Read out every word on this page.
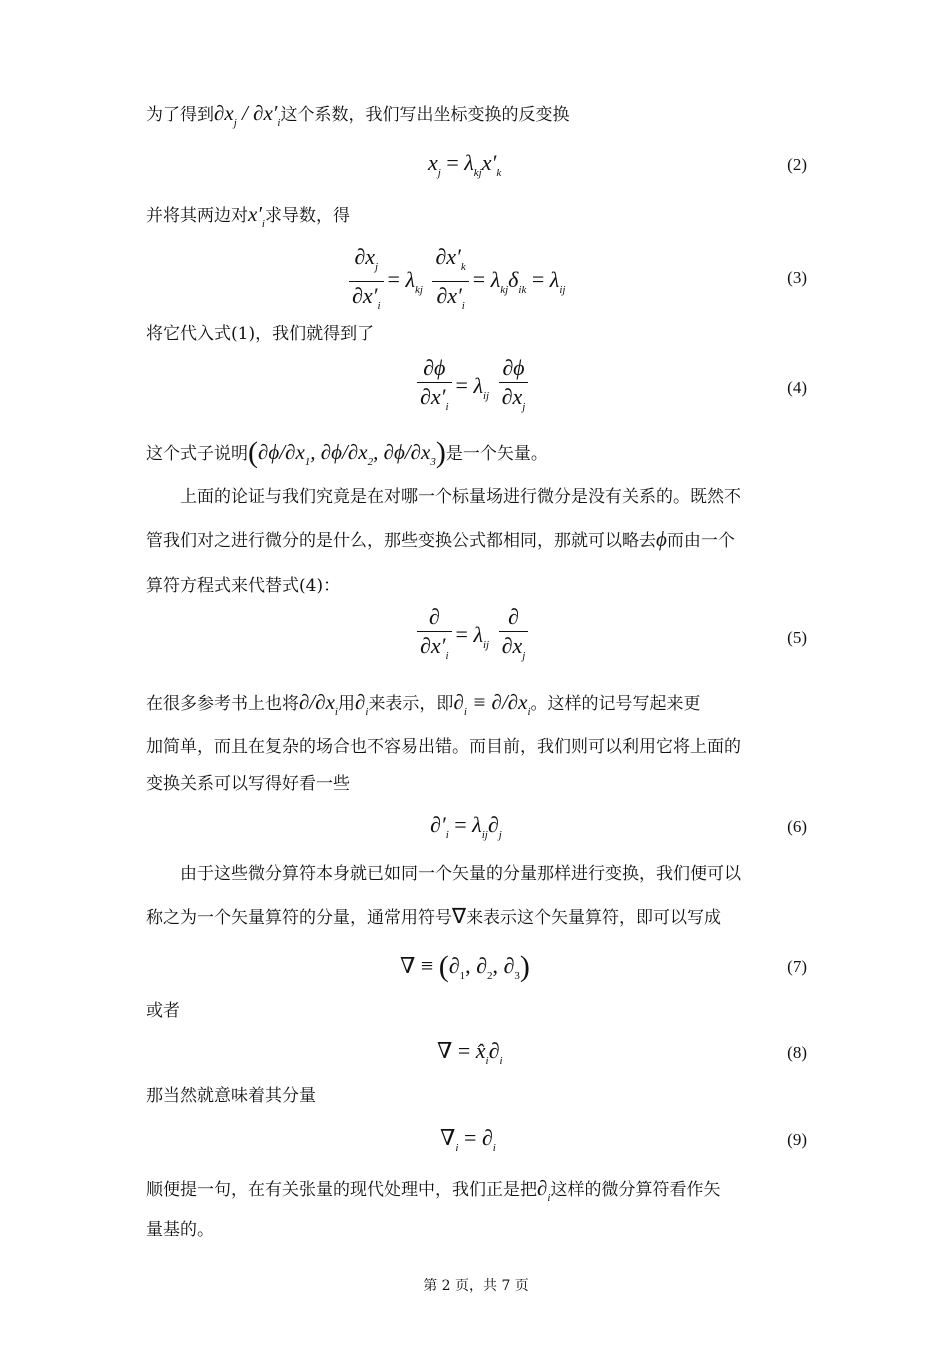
为了得到$\partial x_j / \partial x'_i$这个系数，我们写出坐标变换的反变换
$x_j = \lambda_{kj}x'_k$	(2)
并将其两边对$x'_i$求导数，得
$\frac{\partial x_j}{\partial x'_i} = \lambda_{kj} \frac{\partial x'_k}{\partial x'_i} = \lambda_{kj}\delta_{ik} = \lambda_{ij}$
(3)
将它代入式(1)，我们就得到了
$\frac{\partial\phi}{\partial x'_i} = \lambda_{ij} \frac{\partial\phi}{\partial x_j}$	(4)
这个式子说明($\partial\phi/\partial x_1$, $\partial\phi/\partial x_2$, $\partial\phi/\partial x_3$)是一个矢量。
上面的论证与我们究竟是在对哪一个标量场进行微分是没有关系的。既然不
管我们对之进行微分的是什么，那些变换公式都相同，那就可以略去ϕ而由一个
算符方程式来代替式(4)：
$\frac{\partial}{\partial x'_i} = \lambda_{ij} \frac{\partial}{\partial x_j}$	(5)
在很多参考书上也将$\partial/\partial x_i$用$\partial_i$来表示，即$\partial_i \equiv \partial/\partial x_i$。这样的记号写起来更
加简单，而且在复杂的场合也不容易出错。而目前，我们则可以利用它将上面的
变换关系可以写得好看一些
$\partial'_i = \lambda_{ij}\partial_j$	(6)
由于这些微分算符本身就已如同一个矢量的分量那样进行变换，我们便可以
称之为一个矢量算符的分量，通常用符号∇来表示这个矢量算符，即可以写成
∇ ≡ ($\partial_1$, $\partial_2$, $\partial_3$)	(7)
或者
∇ = $x̂_i\partial_i$	(8)
那当然就意味着其分量
$\nabla_i = \partial_i$	(9)
顺便提一句，在有关张量的现代处理中，我们正是把$\partial_i$这样的微分算符看作矢
量基的。
第 2 页，共 7 页
